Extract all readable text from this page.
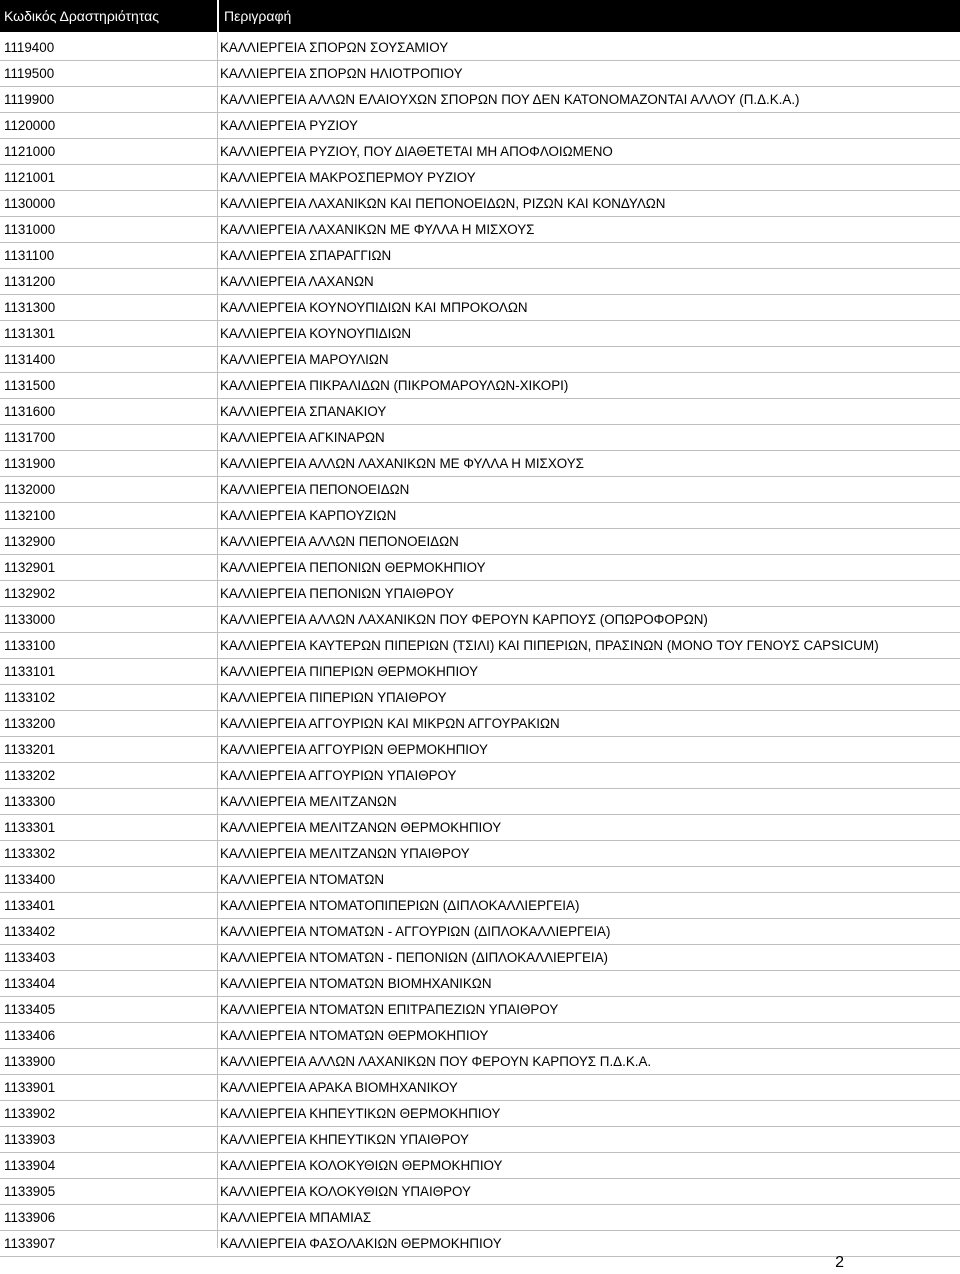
Κωδικός Δραστηριότητας	Περιγραφή
1119400	ΚΑΛΛΙΕΡΓΕΙΑ ΣΠΟΡΩΝ ΣΟΥΣΑΜΙΟΥ
1119500	ΚΑΛΛΙΕΡΓΕΙΑ ΣΠΟΡΩΝ ΗΛΙΟΤΡΟΠΙΟΥ
1119900	ΚΑΛΛΙΕΡΓΕΙΑ ΑΛΛΩΝ ΕΛΑΙΟΥΧΩΝ ΣΠΟΡΩΝ ΠΟΥ ΔΕΝ ΚΑΤΟΝΟΜΑΖΟΝΤΑΙ ΑΛΛΟΥ (Π.Δ.Κ.Α.)
1120000	ΚΑΛΛΙΕΡΓΕΙΑ ΡΥΖΙΟΥ
1121000	ΚΑΛΛΙΕΡΓΕΙΑ ΡΥΖΙΟΥ, ΠΟΥ ΔΙΑΘΕΤΕΤΑΙ ΜΗ ΑΠΟΦΛΟΙΩΜΕΝΟ
1121001	ΚΑΛΛΙΕΡΓΕΙΑ ΜΑΚΡΟΣΠΕΡΜΟΥ ΡΥΖΙΟΥ
1130000	ΚΑΛΛΙΕΡΓΕΙΑ ΛΑΧΑΝΙΚΩΝ ΚΑΙ ΠΕΠΟΝΟΕΙΔΩΝ, ΡΙΖΩΝ ΚΑΙ ΚΟΝΔΥΛΩΝ
1131000	ΚΑΛΛΙΕΡΓΕΙΑ ΛΑΧΑΝΙΚΩΝ ΜΕ ΦΥΛΛΑ Η ΜΙΣΧΟΥΣ
1131100	ΚΑΛΛΙΕΡΓΕΙΑ ΣΠΑΡΑΓΓΙΩΝ
1131200	ΚΑΛΛΙΕΡΓΕΙΑ ΛΑΧΑΝΩΝ
1131300	ΚΑΛΛΙΕΡΓΕΙΑ ΚΟΥΝΟΥΠΙΔΙΩΝ ΚΑΙ ΜΠΡΟΚΟΛΩΝ
1131301	ΚΑΛΛΙΕΡΓΕΙΑ ΚΟΥΝΟΥΠΙΔΙΩΝ
1131400	ΚΑΛΛΙΕΡΓΕΙΑ ΜΑΡΟΥΛΙΩΝ
1131500	ΚΑΛΛΙΕΡΓΕΙΑ ΠΙΚΡΑΛΙΔΩΝ (ΠΙΚΡΟΜΑΡΟΥΛΩΝ-ΧΙΚΟΡΙ)
1131600	ΚΑΛΛΙΕΡΓΕΙΑ ΣΠΑΝΑΚΙΟΥ
1131700	ΚΑΛΛΙΕΡΓΕΙΑ ΑΓΚΙΝΑΡΩΝ
1131900	ΚΑΛΛΙΕΡΓΕΙΑ ΑΛΛΩΝ ΛΑΧΑΝΙΚΩΝ ΜΕ ΦΥΛΛΑ Η ΜΙΣΧΟΥΣ
1132000	ΚΑΛΛΙΕΡΓΕΙΑ ΠΕΠΟΝΟΕΙΔΩΝ
1132100	ΚΑΛΛΙΕΡΓΕΙΑ ΚΑΡΠΟΥΖΙΩΝ
1132900	ΚΑΛΛΙΕΡΓΕΙΑ ΑΛΛΩΝ ΠΕΠΟΝΟΕΙΔΩΝ
1132901	ΚΑΛΛΙΕΡΓΕΙΑ ΠΕΠΟΝΙΩΝ ΘΕΡΜΟΚΗΠΙΟΥ
1132902	ΚΑΛΛΙΕΡΓΕΙΑ ΠΕΠΟΝΙΩΝ ΥΠΑΙΘΡΟΥ
1133000	ΚΑΛΛΙΕΡΓΕΙΑ ΑΛΛΩΝ ΛΑΧΑΝΙΚΩΝ ΠΟΥ ΦΕΡΟΥΝ ΚΑΡΠΟΥΣ (ΟΠΩΡΟΦΟΡΩΝ)
1133100	ΚΑΛΛΙΕΡΓΕΙΑ ΚΑΥΤΕΡΩΝ ΠΙΠΕΡΙΩΝ (ΤΣΙΛΙ) ΚΑΙ ΠΙΠΕΡΙΩΝ, ΠΡΑΣΙΝΩΝ (ΜΟΝΟ ΤΟΥ ΓΕΝΟΥΣ CAPSICUM)
1133101	ΚΑΛΛΙΕΡΓΕΙΑ ΠΙΠΕΡΙΩΝ ΘΕΡΜΟΚΗΠΙΟΥ
1133102	ΚΑΛΛΙΕΡΓΕΙΑ ΠΙΠΕΡΙΩΝ ΥΠΑΙΘΡΟΥ
1133200	ΚΑΛΛΙΕΡΓΕΙΑ ΑΓΓΟΥΡΙΩΝ ΚΑΙ ΜΙΚΡΩΝ ΑΓΓΟΥΡΑΚΙΩΝ
1133201	ΚΑΛΛΙΕΡΓΕΙΑ ΑΓΓΟΥΡΙΩΝ ΘΕΡΜΟΚΗΠΙΟΥ
1133202	ΚΑΛΛΙΕΡΓΕΙΑ ΑΓΓΟΥΡΙΩΝ ΥΠΑΙΘΡΟΥ
1133300	ΚΑΛΛΙΕΡΓΕΙΑ ΜΕΛΙΤΖΑΝΩΝ
1133301	ΚΑΛΛΙΕΡΓΕΙΑ ΜΕΛΙΤΖΑΝΩΝ ΘΕΡΜΟΚΗΠΙΟΥ
1133302	ΚΑΛΛΙΕΡΓΕΙΑ ΜΕΛΙΤΖΑΝΩΝ ΥΠΑΙΘΡΟΥ
1133400	ΚΑΛΛΙΕΡΓΕΙΑ ΝΤΟΜΑΤΩΝ
1133401	ΚΑΛΛΙΕΡΓΕΙΑ ΝΤΟΜΑΤΟΠΙΠΕΡΙΩΝ (ΔΙΠΛΟΚΑΛΛΙΕΡΓΕΙΑ)
1133402	ΚΑΛΛΙΕΡΓΕΙΑ ΝΤΟΜΑΤΩΝ - ΑΓΓΟΥΡΙΩΝ (ΔΙΠΛΟΚΑΛΛΙΕΡΓΕΙΑ)
1133403	ΚΑΛΛΙΕΡΓΕΙΑ ΝΤΟΜΑΤΩΝ - ΠΕΠΟΝΙΩΝ (ΔΙΠΛΟΚΑΛΛΙΕΡΓΕΙΑ)
1133404	ΚΑΛΛΙΕΡΓΕΙΑ ΝΤΟΜΑΤΩΝ ΒΙΟΜΗΧΑΝΙΚΩΝ
1133405	ΚΑΛΛΙΕΡΓΕΙΑ ΝΤΟΜΑΤΩΝ ΕΠΙΤΡΑΠΕΖΙΩΝ ΥΠΑΙΘΡΟΥ
1133406	ΚΑΛΛΙΕΡΓΕΙΑ ΝΤΟΜΑΤΩΝ ΘΕΡΜΟΚΗΠΙΟΥ
1133900	ΚΑΛΛΙΕΡΓΕΙΑ ΑΛΛΩΝ ΛΑΧΑΝΙΚΩΝ ΠΟΥ ΦΕΡΟΥΝ ΚΑΡΠΟΥΣ Π.Δ.Κ.Α.
1133901	ΚΑΛΛΙΕΡΓΕΙΑ ΑΡΑΚΑ ΒΙΟΜΗΧΑΝΙΚΟΥ
1133902	ΚΑΛΛΙΕΡΓΕΙΑ ΚΗΠΕΥΤΙΚΩΝ ΘΕΡΜΟΚΗΠΙΟΥ
1133903	ΚΑΛΛΙΕΡΓΕΙΑ ΚΗΠΕΥΤΙΚΩΝ ΥΠΑΙΘΡΟΥ
1133904	ΚΑΛΛΙΕΡΓΕΙΑ ΚΟΛΟΚΥΘΙΩΝ ΘΕΡΜΟΚΗΠΙΟΥ
1133905	ΚΑΛΛΙΕΡΓΕΙΑ ΚΟΛΟΚΥΘΙΩΝ ΥΠΑΙΘΡΟΥ
1133906	ΚΑΛΛΙΕΡΓΕΙΑ ΜΠΑΜΙΑΣ
1133907	ΚΑΛΛΙΕΡΓΕΙΑ ΦΑΣΟΛΑΚΙΩΝ ΘΕΡΜΟΚΗΠΙΟΥ
2
